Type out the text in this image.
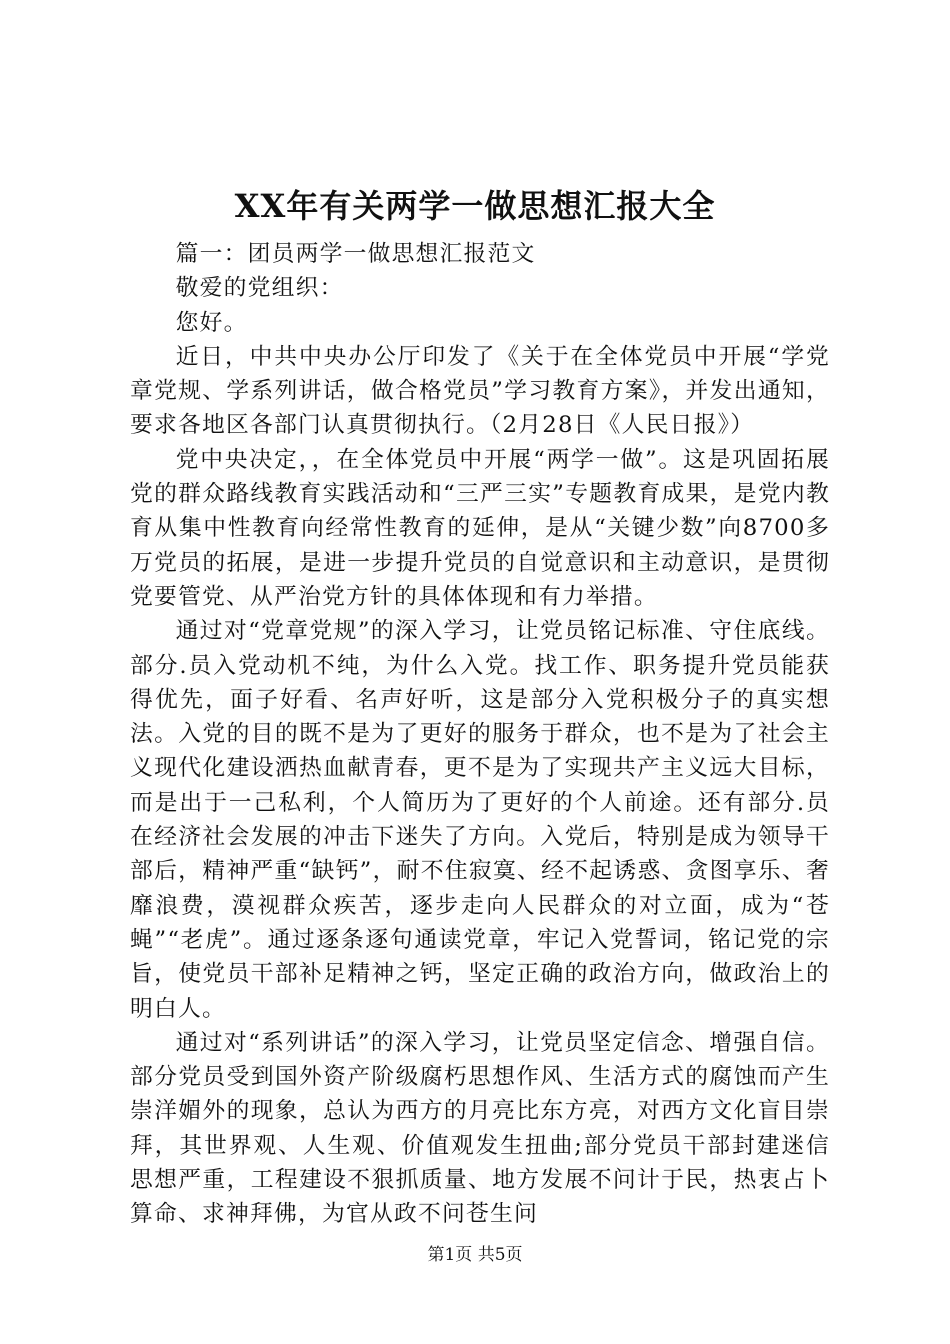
XX年有关两学一做思想汇报大全

篇一：团员两学一做思想汇报范文

敬爱的党组织：

您好。

近日，中共中央办公厅印发了《关于在全体党员中开展“学党章党规、学系列讲话，做合格党员”学习教育方案》，并发出通知，要求各地区各部门认真贯彻执行。（2月28日《人民日报》）

党中央决定，，在全体党员中开展“两学一做”。这是巩固拓展党的群众路线教育实践活动和“三严三实”专题教育成果，是党内教育从集中性教育向经常性教育的延伸，是从“关键少数”向8700多万党员的拓展，是进一步提升党员的自觉意识和主动意识，是贯彻党要管党、从严治党方针的具体体现和有力举措。

通过对“党章党规”的深入学习，让党员铭记标准、守住底线。部分.员入党动机不纯，为什么入党。找工作、职务提升党员能获得优先，面子好看、名声好听，这是部分入党积极分子的真实想法。入党的目的既不是为了更好的服务于群众，也不是为了社会主义现代化建设洒热血献青春，更不是为了实现共产主义远大目标，而是出于一己私利，个人简历为了更好的个人前途。还有部分.员在经济社会发展的冲击下迷失了方向。入党后，特别是成为领导干部后，精神严重“缺钙”，耐不住寂寞、经不起诱惑、贪图享乐、奢靡浪费，漠视群众疾苦，逐步走向人民群众的对立面，成为“苍蝇”“老虎”。通过逐条逐句通读党章，牢记入党誓词，铭记党的宗旨，使党员干部补足精神之钙，坚定正确的政治方向，做政治上的明白人。

通过对“系列讲话”的深入学习，让党员坚定信念、增强自信。部分党员受到国外资产阶级腐朽思想作风、生活方式的腐蚀而产生崇洋媚外的现象，总认为西方的月亮比东方亮，对西方文化盲目崇拜，其世界观、人生观、价值观发生扭曲;部分党员干部封建迷信思想严重，工程建设不狠抓质量、地方发展不问计于民，热衷占卜算命、求神拜佛，为官从政不问苍生问

第1页 共5页
